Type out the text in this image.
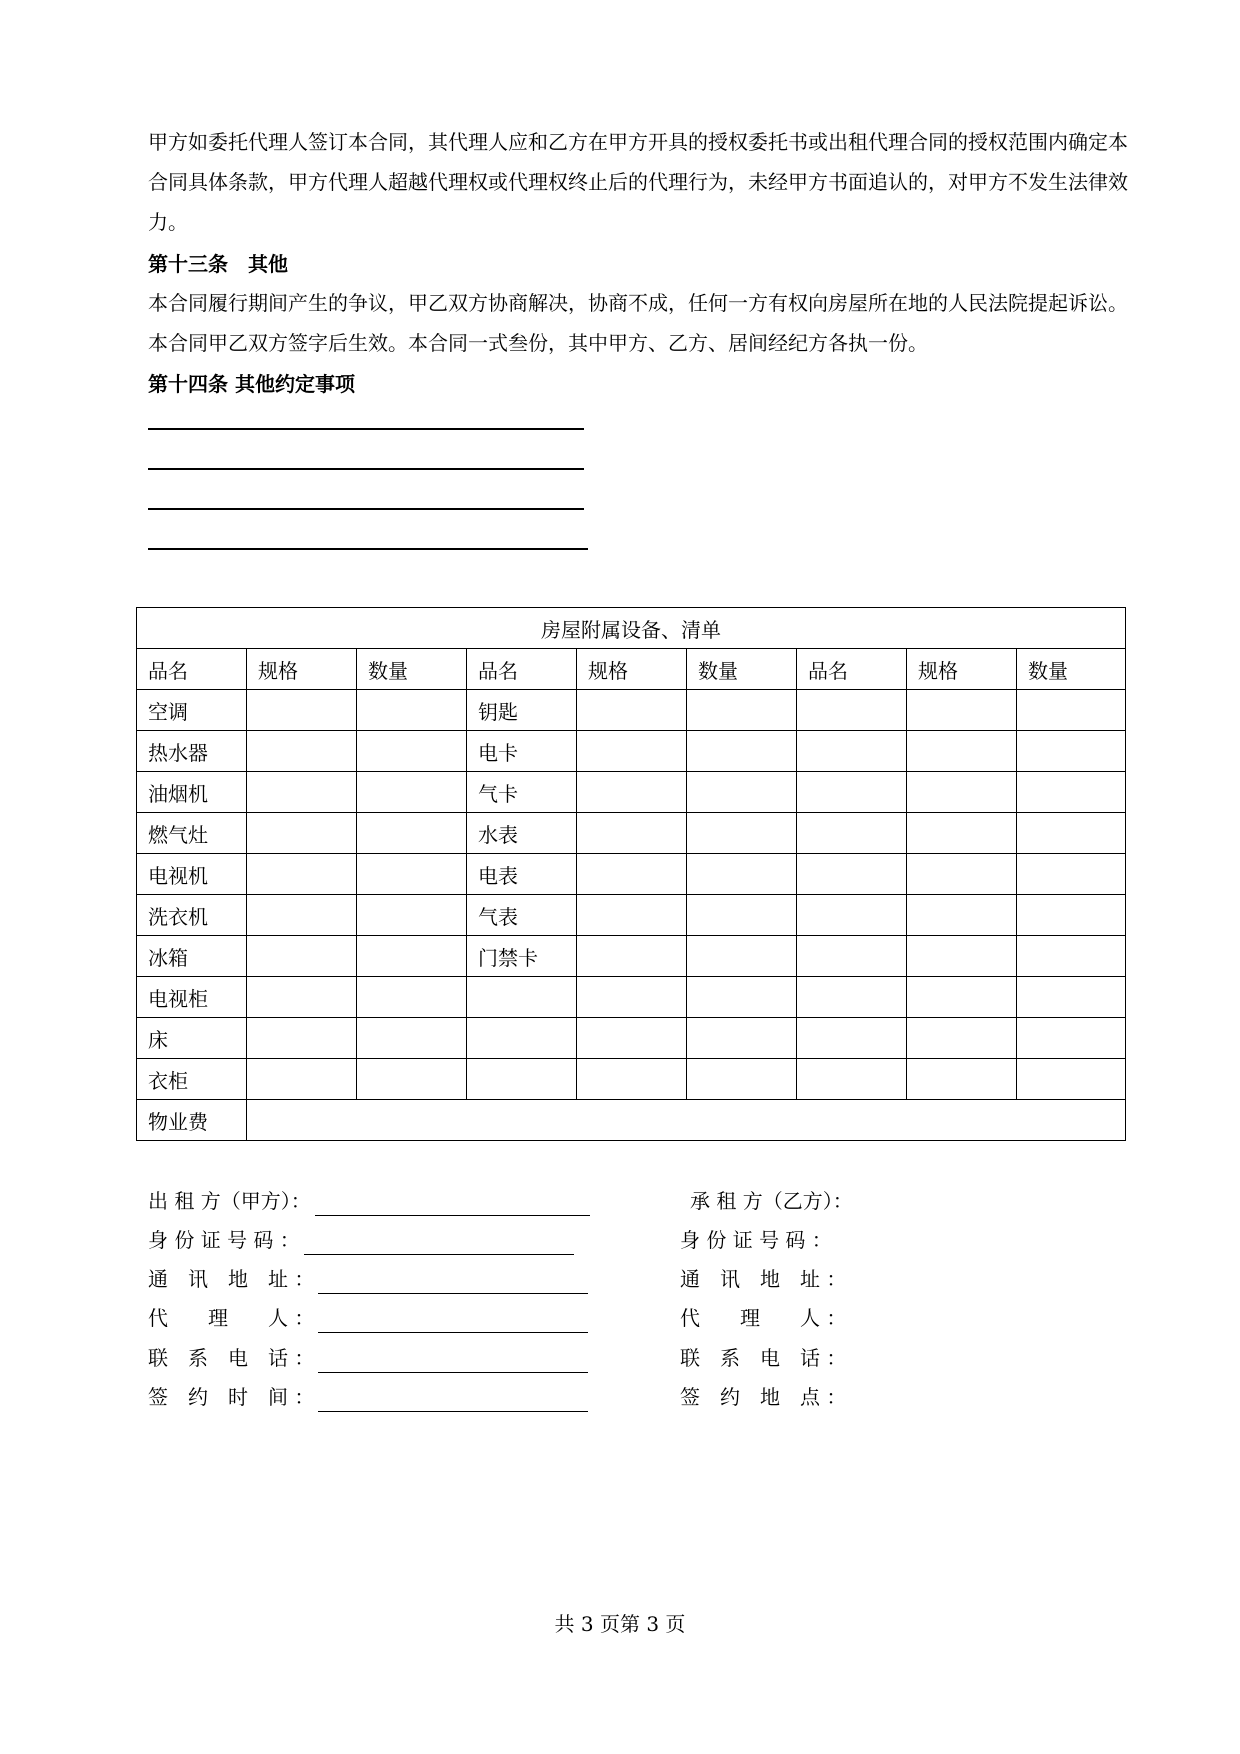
甲方如委托代理人签订本合同，其代理人应和乙方在甲方开具的授权委托书或出租代理合同的授权范围内确定本合同具体条款，甲方代理人超越代理权或代理权终止后的代理行为，未经甲方书面追认的，对甲方不发生法律效力。

第十三条　其他

本合同履行期间产生的争议，甲乙双方协商解决，协商不成，任何一方有权向房屋所在地的人民法院提起诉讼。本合同甲乙双方签字后生效。本合同一式叁份，其中甲方、乙方、居间经纪方各执一份。

第十四条 其他约定事项

房屋附属设备、清单								
品名	规格	数量	品名	规格	数量	品名	规格	数量
空调			钥匙					
热水器			电卡					
油烟机			气卡					
燃气灶			水表					
电视机			电表					
洗衣机			气表					
冰箱			门禁卡					
电视柜								
床								
衣柜								
物业费								
出 租 方（甲方）：
身 份 证 号 码 ：
通　讯　地　址 ：
代　　理　　人 ：
联　系　电　话 ：
签　约　时　间 ：
承 租 方（乙方）：
身 份 证 号 码 ：
通　讯　地　址 ：
代　　理　　人 ：
联　系　电　话 ：
签　约　地　点 ：
共 3 页第 3 页
